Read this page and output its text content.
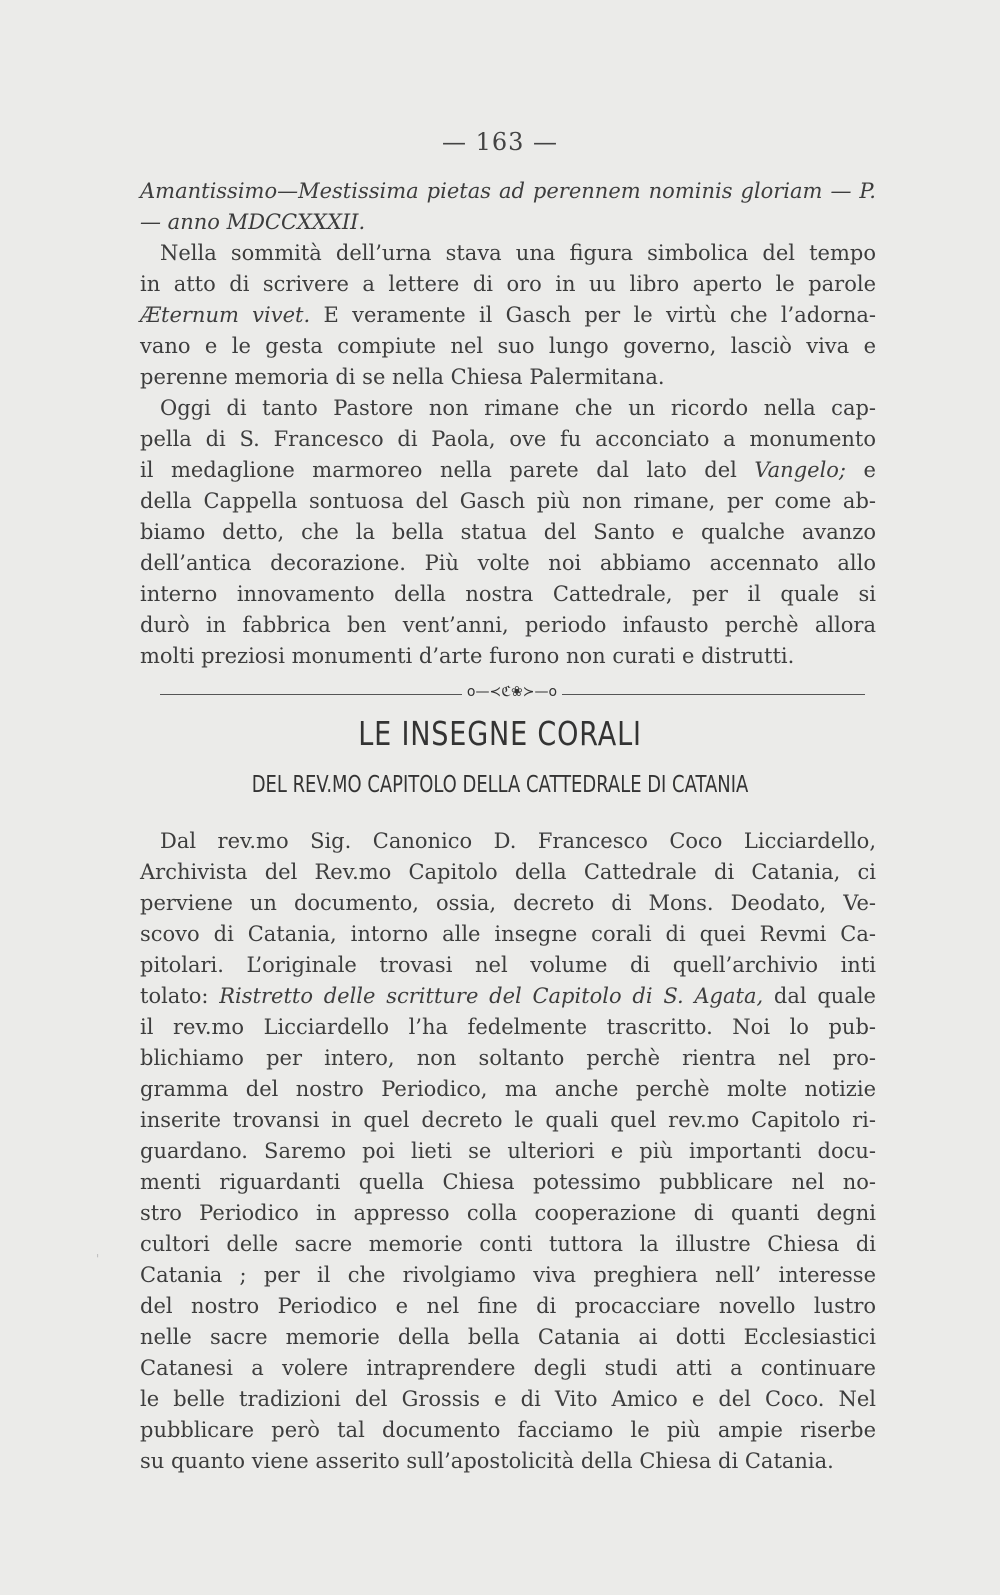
— 163 —
Amantissimo—Mestissima pietas ad perennem nominis gloriam — P.
— anno MDCCXXXII.
Nella sommità dell’urna stava una figura simbolica del tempo
in atto di scrivere a lettere di oro in uu libro aperto le parole
Æternum vivet. E veramente il Gasch per le virtù che l’adorna-
vano e le gesta compiute nel suo lungo governo, lasciò viva e
perenne memoria di se nella Chiesa Palermitana.
Oggi di tanto Pastore non rimane che un ricordo nella cap-
pella di S. Francesco di Paola, ove fu acconciato a monumento
il medaglione marmoreo nella parete dal lato del Vangelo; e
della Cappella sontuosa del Gasch più non rimane, per come ab-
biamo detto, che la bella statua del Santo e qualche avanzo
dell’antica decorazione. Più volte noi abbiamo accennato allo
interno innovamento della nostra Cattedrale, per il quale si
durò in fabbrica ben vent’anni, periodo infausto perchè allora
molti preziosi monumenti d’arte furono non curati e distrutti.
o—≺ℭ❀≻—o
LE INSEGNE CORALI
DEL REV.MO CAPITOLO DELLA CATTEDRALE DI CATANIA
Dal rev.mo Sig. Canonico D. Francesco Coco Licciardello,
Archivista del Rev.mo Capitolo della Cattedrale di Catania, ci
perviene un documento, ossia, decreto di Mons. Deodato, Ve-
scovo di Catania, intorno alle insegne corali di quei Revmi Ca-
pitolari. L’originale trovasi nel volume di quell’archivio inti
tolato: Ristretto delle scritture del Capitolo di S. Agata, dal quale
il rev.mo Licciardello l’ha fedelmente trascritto. Noi lo pub-
blichiamo per intero, non soltanto perchè rientra nel pro-
gramma del nostro Periodico, ma anche perchè molte notizie
inserite trovansi in quel decreto le quali quel rev.mo Capitolo ri-
guardano. Saremo poi lieti se ulteriori e più importanti docu-
menti riguardanti quella Chiesa potessimo pubblicare nel no-
stro Periodico in appresso colla cooperazione di quanti degni
cultori delle sacre memorie conti tuttora la illustre Chiesa di
Catania ; per il che rivolgiamo viva preghiera nell’ interesse
del nostro Periodico e nel fine di procacciare novello lustro
nelle sacre memorie della bella Catania ai dotti Ecclesiastici
Catanesi a volere intraprendere degli studi atti a continuare
le belle tradizioni del Grossis e di Vito Amico e del Coco. Nel
pubblicare però tal documento facciamo le più ampie riserbe
su quanto viene asserito sull’apostolicità della Chiesa di Catania.
'
